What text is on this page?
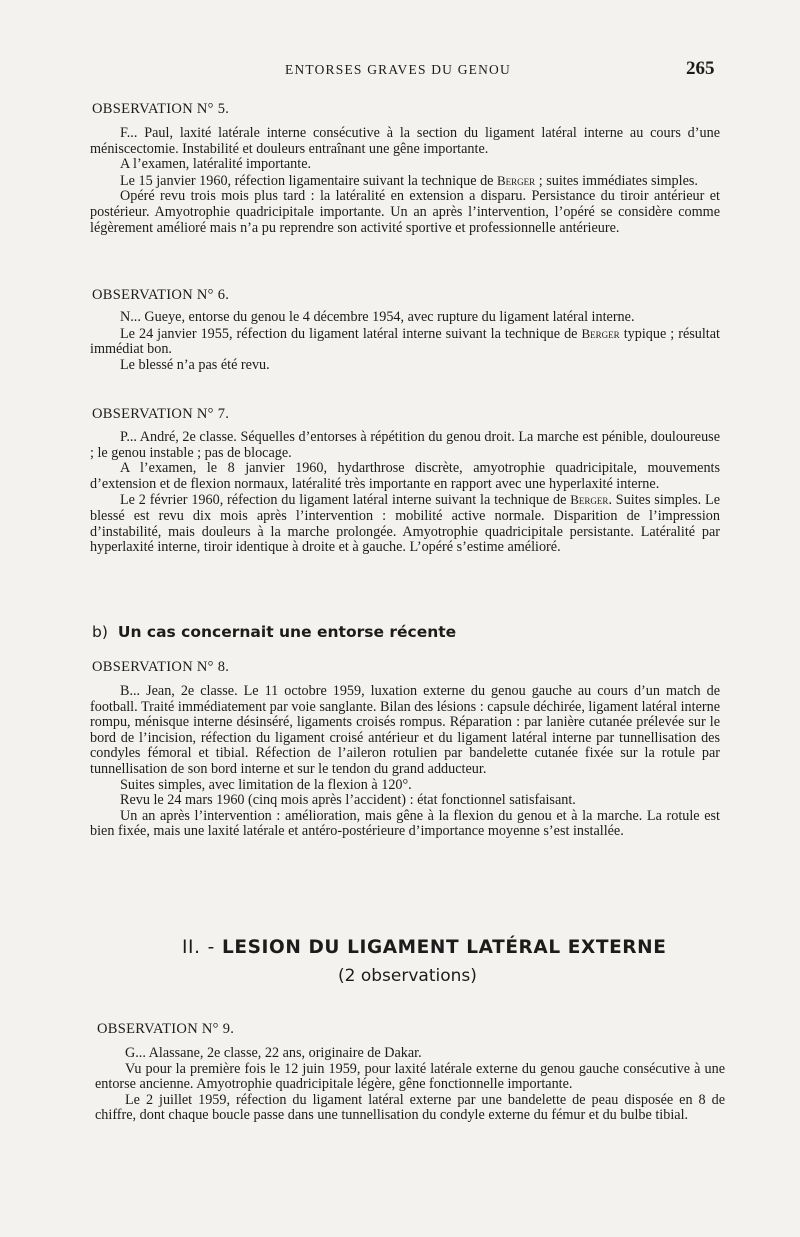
ENTORSES GRAVES DU GENOU	265
OBSERVATION N° 5.

F... Paul, laxité latérale interne consécutive à la section du ligament latéral interne au cours d’une méniscectomie. Instabilité et douleurs entraînant une gêne importante.

A l’examen, latéralité importante.

Le 15 janvier 1960, réfection ligamentaire suivant la technique de Berger ; suites immédiates simples.

Opéré revu trois mois plus tard : la latéralité en extension a disparu. Persistance du tiroir antérieur et postérieur. Amyotrophie quadricipitale importante. Un an après l’intervention, l’opéré se considère comme légèrement amélioré mais n’a pu reprendre son activité sportive et professionnelle antérieure.

OBSERVATION N° 6.

N... Gueye, entorse du genou le 4 décembre 1954, avec rupture du ligament latéral interne.

Le 24 janvier 1955, réfection du ligament latéral interne suivant la technique de Berger typique ; résultat immédiat bon.

Le blessé n’a pas été revu.

OBSERVATION N° 7.

P... André, 2e classe. Séquelles d’entorses à répétition du genou droit. La marche est pénible, douloureuse ; le genou instable ; pas de blocage.

A l’examen, le 8 janvier 1960, hydarthrose discrète, amyotrophie quadricipitale, mouvements d’extension et de flexion normaux, latéralité très importante en rapport avec une hyperlaxité interne.

Le 2 février 1960, réfection du ligament latéral interne suivant la technique de Berger. Suites simples. Le blessé est revu dix mois après l’intervention : mobilité active normale. Disparition de l’impression d’instabilité, mais douleurs à la marche prolongée. Amyotrophie quadricipitale persistante. Latéralité par hyperlaxité interne, tiroir identique à droite et à gauche. L’opéré s’estime amélioré.

b) Un cas concernait une entorse récente
OBSERVATION N° 8.

B... Jean, 2e classe. Le 11 octobre 1959, luxation externe du genou gauche au cours d’un match de football. Traité immédiatement par voie sanglante. Bilan des lésions : capsule déchirée, ligament latéral interne rompu, ménisque interne désinséré, ligaments croisés rompus. Réparation : par lanière cutanée prélevée sur le bord de l’incision, réfection du ligament croisé antérieur et du ligament latéral interne par tunnellisation des condyles fémoral et tibial. Réfection de l’aileron rotulien par bandelette cutanée fixée sur la rotule par tunnellisation de son bord interne et sur le tendon du grand adducteur.

Suites simples, avec limitation de la flexion à 120°.

Revu le 24 mars 1960 (cinq mois après l’accident) : état fonctionnel satisfaisant.

Un an après l’intervention : amélioration, mais gêne à la flexion du genou et à la marche. La rotule est bien fixée, mais une laxité latérale et antéro-postérieure d’importance moyenne s’est installée.

II. - LESION DU LIGAMENT LATÉRAL EXTERNE
(2 observations)
OBSERVATION N° 9.

G... Alassane, 2e classe, 22 ans, originaire de Dakar.

Vu pour la première fois le 12 juin 1959, pour laxité latérale externe du genou gauche consécutive à une entorse ancienne. Amyotrophie quadricipitale légère, gêne fonctionnelle importante.

Le 2 juillet 1959, réfection du ligament latéral externe par une bandelette de peau disposée en 8 de chiffre, dont chaque boucle passe dans une tunnellisation du condyle externe du fémur et du bulbe tibial.
